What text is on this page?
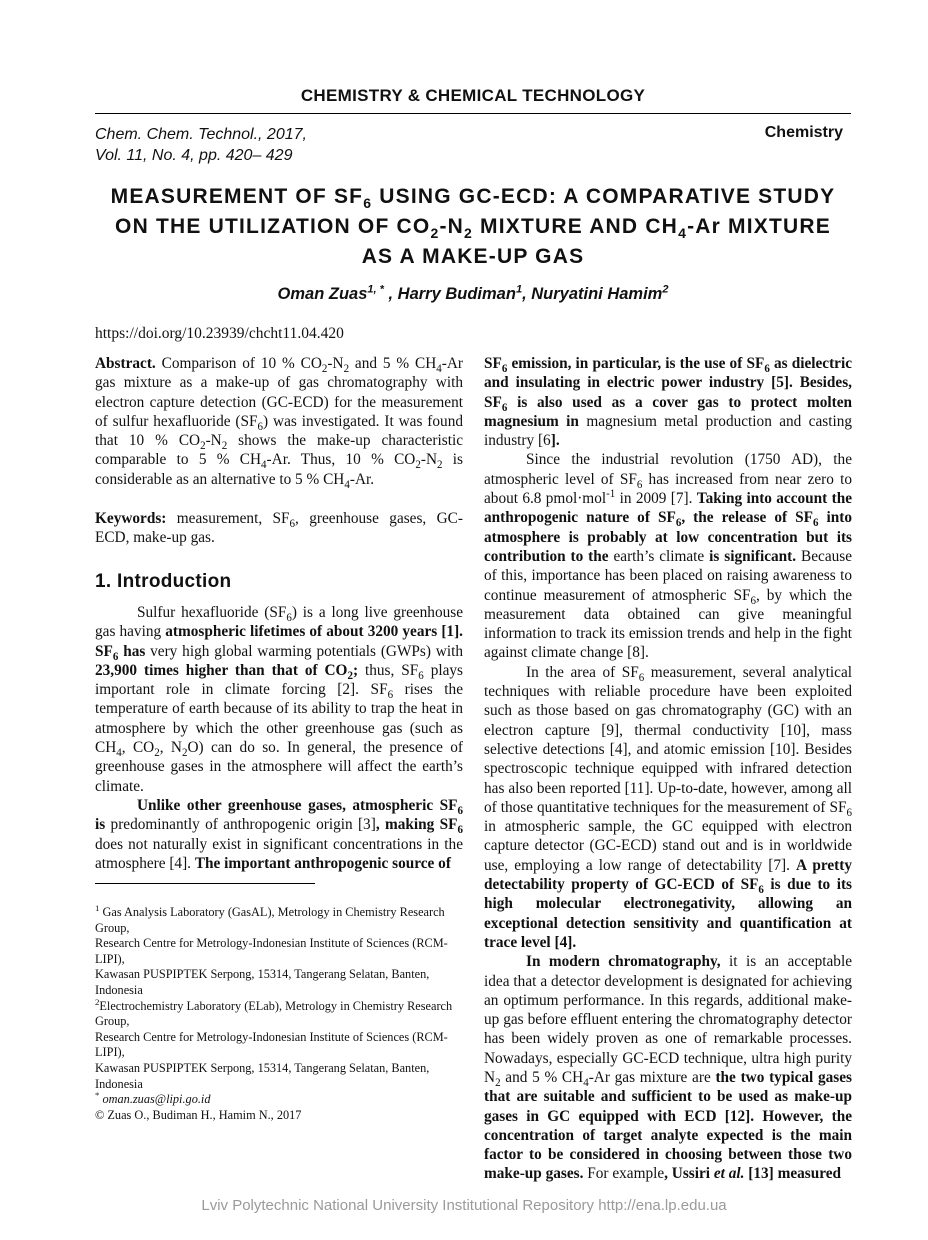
CHEMISTRY & CHEMICAL TECHNOLOGY
Chem. Chem. Technol., 2017,
Vol. 11, No. 4, pp. 420– 429
Chemistry
MEASUREMENT OF $SF_6$ USING GC-ECD: A COMPARATIVE STUDY
ON THE UTILIZATION OF $CO_2-N_2$ MIXTURE AND $CH_4-Ar$ MIXTURE
AS A MAKE-UP GAS
Oman Zuas$^{1, *}$ , Harry Budiman$^1$, Nuryatini Hamim$^2$
https://doi.org/10.23939/chcht11.04.420

Abstract. Comparison of 10 % $CO_2-N_2$ and 5 % $CH_4-Ar$ gas mixture as a make-up of gas chromatography with electron capture detection (GC-ECD) for the measurement of sulfur hexafluoride $(SF_6)$ was investigated. It was found that 10 % $CO_2-N_2$ shows the make-up characteristic comparable to 5 % $CH_4-Ar$. Thus, 10 % $CO_2-N_2$ is considerable as an alternative to 5 % $CH_4-Ar$.

Keywords: measurement, $SF_6$, greenhouse gases, GC-ECD, make-up gas.

1. Introduction

Sulfur hexafluoride $(SF_6)$ is a long live greenhouse gas having atmospheric lifetimes of about 3200 years [1]. $SF_6$ has very high global warming potentials (GWPs) with 23,900 times higher than that of $CO_2$; thus, $SF_6$ plays important role in climate forcing [2]. $SF_6$ rises the temperature of earth because of its ability to trap the heat in atmosphere by which the other greenhouse gas (such as $CH_4$, $CO_2$, $N_2O$) can do so. In general, the presence of greenhouse gases in the atmosphere will affect the earth’s climate.

Unlike other greenhouse gases, atmospheric $SF_6$ is predominantly of anthropogenic origin [3], making $SF_6$ does not naturally exist in significant concentrations in the atmosphere [4]. The important anthropogenic source of

$^1$ Gas Analysis Laboratory (GasAL), Metrology in Chemistry Research Group,
Research Centre for Metrology-Indonesian Institute of Sciences (RCM-LIPI),
Kawasan PUSPIPTEK Serpong, 15314, Tangerang Selatan, Banten, Indonesia
$^2$Electrochemistry Laboratory (ELab), Metrology in Chemistry Research Group,
Research Centre for Metrology-Indonesian Institute of Sciences (RCM-LIPI),
Kawasan PUSPIPTEK Serpong, 15314, Tangerang Selatan, Banten, Indonesia
* oman.zuas@lipi.go.id
© Zuas O., Budiman H., Hamim N., 2017

$SF_6$ emission, in particular, is the use of $SF_6$ as dielectric and insulating in electric power industry [5]. Besides, $SF_6$ is also used as a cover gas to protect molten magnesium in magnesium metal production and casting industry [6].

Since the industrial revolution (1750 AD), the atmospheric level of $SF_6$ has increased from near zero to about 6.8 pmol·mol$^{-1}$ in 2009 [7]. Taking into account the anthropogenic nature of $SF_6$, the release of $SF_6$ into atmosphere is probably at low concentration but its contribution to the earth’s climate is significant. Because of this, importance has been placed on raising awareness to continue measurement of atmospheric $SF_6$, by which the measurement data obtained can give meaningful information to track its emission trends and help in the fight against climate change [8].

In the area of $SF_6$ measurement, several analytical techniques with reliable procedure have been exploited such as those based on gas chromatography (GC) with an electron capture [9], thermal conductivity [10], mass selective detections [4], and atomic emission [10]. Besides spectroscopic technique equipped with infrared detection has also been reported [11]. Up-to-date, however, among all of those quantitative techniques for the measurement of $SF_6$ in atmospheric sample, the GC equipped with electron capture detector (GC-ECD) stand out and is in worldwide use, employing a low range of detectability [7]. A pretty detectability property of GC-ECD of $SF_6$ is due to its high molecular electronegativity, allowing an exceptional detection sensitivity and quantification at trace level [4].

In modern chromatography, it is an acceptable idea that a detector development is designated for achieving an optimum performance. In this regards, additional make-up gas before effluent entering the chromatography detector has been widely proven as one of remarkable processes. Nowadays, especially GC-ECD technique, ultra high purity $N_2$ and 5 % $CH_4-Ar$ gas mixture are the two typical gases that are suitable and sufficient to be used as make-up gases in GC equipped with ECD [12]. However, the concentration of target analyte expected is the main factor to be considered in choosing between those two make-up gases. For example, Ussiri et al. [13] measured

Lviv Polytechnic National University Institutional Repository http://ena.lp.edu.ua
